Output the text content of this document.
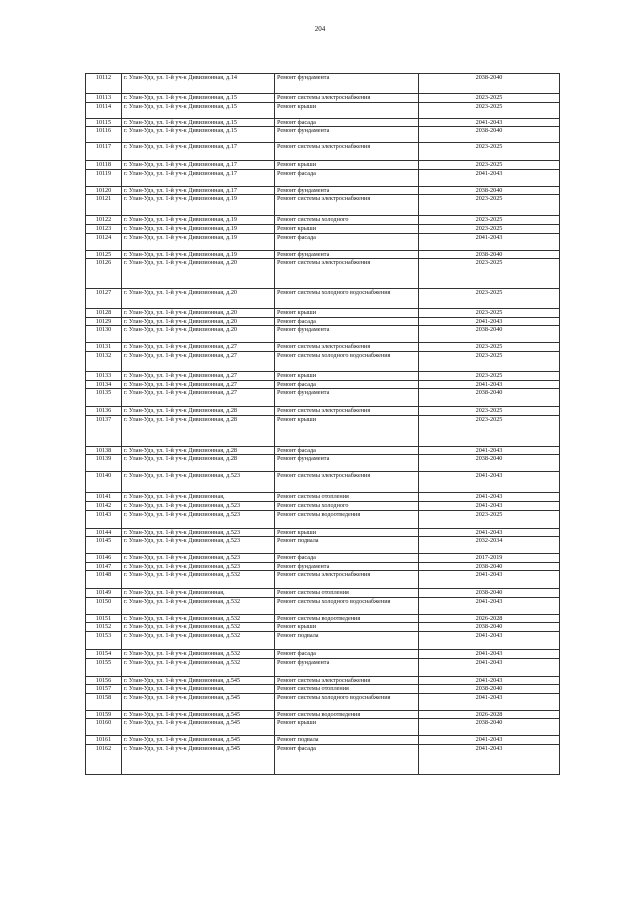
204
10112	г. Улан-Удэ, ул. 1-й уч-к Дивизионная, д.14	Ремонт фундамента	2038-2040
10113	г. Улан-Удэ, ул. 1-й уч-к Дивизионная, д.15	Ремонт системы электроснабжения	2023-2025
10114	г. Улан-Удэ, ул. 1-й уч-к Дивизионная, д.15	Ремонт крыши	2023-2025
10115	г. Улан-Удэ, ул. 1-й уч-к Дивизионная, д.15	Ремонт фасада	2041-2043
10116	г. Улан-Удэ, ул. 1-й уч-к Дивизионная, д.15	Ремонт фундамента	2038-2040
10117	г. Улан-Удэ, ул. 1-й уч-к Дивизионная, д.17	Ремонт системы электроснабжения	2023-2025
10118	г. Улан-Удэ, ул. 1-й уч-к Дивизионная, д.17	Ремонт крыши	2023-2025
10119	г. Улан-Удэ, ул. 1-й уч-к Дивизионная, д.17	Ремонт фасада	2041-2043
10120	г. Улан-Удэ, ул. 1-й уч-к Дивизионная, д.17	Ремонт фундамента	2038-2040
10121	г. Улан-Удэ, ул. 1-й уч-к Дивизионная, д.19	Ремонт системы электроснабжения	2023-2025
10122	г. Улан-Удэ, ул. 1-й уч-к Дивизионная, д.19	Ремонт системы холодного	2023-2025
10123	г. Улан-Удэ, ул. 1-й уч-к Дивизионная, д.19	Ремонт крыши	2023-2025
10124	г. Улан-Удэ, ул. 1-й уч-к Дивизионная, д.19	Ремонт фасада	2041-2043
10125	г. Улан-Удэ, ул. 1-й уч-к Дивизионная, д.19	Ремонт фундамента	2038-2040
10126	г. Улан-Удэ, ул. 1-й уч-к Дивизионная, д.20	Ремонт системы электроснабжения	2023-2025
10127	г. Улан-Удэ, ул. 1-й уч-к Дивизионная, д.20	Ремонт системы холодного водоснабжения	2023-2025
10128	г. Улан-Удэ, ул. 1-й уч-к Дивизионная, д.20	Ремонт крыши	2023-2025
10129	г. Улан-Удэ, ул. 1-й уч-к Дивизионная, д.20	Ремонт фасада	2041-2043
10130	г. Улан-Удэ, ул. 1-й уч-к Дивизионная, д.20	Ремонт фундамента	2038-2040
10131	г. Улан-Удэ, ул. 1-й уч-к Дивизионная, д.27	Ремонт системы электроснабжения	2023-2025
10132	г. Улан-Удэ, ул. 1-й уч-к Дивизионная, д.27	Ремонт системы холодного водоснабжения	2023-2025
10133	г. Улан-Удэ, ул. 1-й уч-к Дивизионная, д.27	Ремонт крыши	2023-2025
10134	г. Улан-Удэ, ул. 1-й уч-к Дивизионная, д.27	Ремонт фасада	2041-2043
10135	г. Улан-Удэ, ул. 1-й уч-к Дивизионная, д.27	Ремонт фундамента	2038-2040
10136	г. Улан-Удэ, ул. 1-й уч-к Дивизионная, д.28	Ремонт системы электроснабжения	2023-2025
10137	г. Улан-Удэ, ул. 1-й уч-к Дивизионная, д.28	Ремонт крыши	2023-2025
10138	г. Улан-Удэ, ул. 1-й уч-к Дивизионная, д.28	Ремонт фасада	2041-2043
10139	г. Улан-Удэ, ул. 1-й уч-к Дивизионная, д.28	Ремонт фундамента	2038-2040
10140	г. Улан-Удэ, ул. 1-й уч-к Дивизионная, д.523	Ремонт системы электроснабжения	2041-2043
10141	г. Улан-Удэ, ул. 1-й уч-к Дивизионная,	Ремонт системы отопления	2041-2043
10142	г. Улан-Удэ, ул. 1-й уч-к Дивизионная, д.523	Ремонт системы холодного	2041-2043
10143	г. Улан-Удэ, ул. 1-й уч-к Дивизионная, д.523	Ремонт системы водоотведения	2023-2025
10144	г. Улан-Удэ, ул. 1-й уч-к Дивизионная, д.523	Ремонт крыши	2041-2043
10145	г. Улан-Удэ, ул. 1-й уч-к Дивизионная, д.523	Ремонт подвала	2032-2034
10146	г. Улан-Удэ, ул. 1-й уч-к Дивизионная, д.523	Ремонт фасада	2017-2019
10147	г. Улан-Удэ, ул. 1-й уч-к Дивизионная, д.523	Ремонт фундамента	2038-2040
10148	г. Улан-Удэ, ул. 1-й уч-к Дивизионная, д.532	Ремонт системы электроснабжения	2041-2043
10149	г. Улан-Удэ, ул. 1-й уч-к Дивизионная,	Ремонт системы отопления	2038-2040
10150	г. Улан-Удэ, ул. 1-й уч-к Дивизионная, д.532	Ремонт системы холодного водоснабжения	2041-2043
10151	г. Улан-Удэ, ул. 1-й уч-к Дивизионная, д.532	Ремонт системы водоотведения	2026-2028
10152	г. Улан-Удэ, ул. 1-й уч-к Дивизионная, д.532	Ремонт крыши	2038-2040
10153	г. Улан-Удэ, ул. 1-й уч-к Дивизионная, д.532	Ремонт подвала	2041-2043
10154	г. Улан-Удэ, ул. 1-й уч-к Дивизионная, д.532	Ремонт фасада	2041-2043
10155	г. Улан-Удэ, ул. 1-й уч-к Дивизионная, д.532	Ремонт фундамента	2041-2043
10156	г. Улан-Удэ, ул. 1-й уч-к Дивизионная, д.545	Ремонт системы электроснабжения	2041-2043
10157	г. Улан-Удэ, ул. 1-й уч-к Дивизионная,	Ремонт системы отопления	2038-2040
10158	г. Улан-Удэ, ул. 1-й уч-к Дивизионная, д.545	Ремонт системы холодного водоснабжения	2041-2043
10159	г. Улан-Удэ, ул. 1-й уч-к Дивизионная, д.545	Ремонт системы водоотведения	2026-2028
10160	г. Улан-Удэ, ул. 1-й уч-к Дивизионная, д.545	Ремонт крыши	2038-2040
10161	г. Улан-Удэ, ул. 1-й уч-к Дивизионная, д.545	Ремонт подвала	2041-2043
10162	г. Улан-Удэ, ул. 1-й уч-к Дивизионная, д.545	Ремонт фасада	2041-2043
